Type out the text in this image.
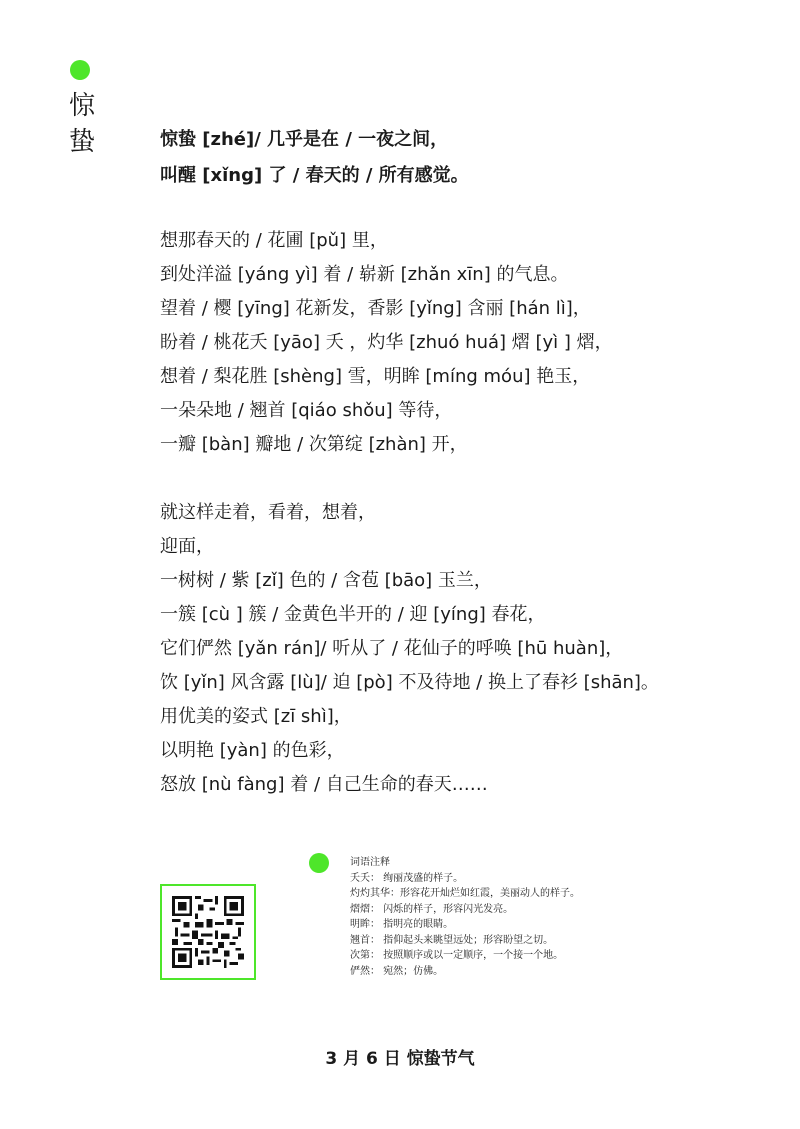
惊
蛰	惊蛰 [zhé]/ 几乎是在 / 一夜之间，
叫醒 [xǐng] 了 / 春天的 / 所有感觉。
想那春天的 / 花圃 [pǔ] 里，
到处洋溢 [yáng yì] 着 / 崭新 [zhǎn xīn] 的气息。
望着 / 樱 [yīng] 花新发，香影 [yǐng] 含丽 [hán lì]，
盼着 / 桃花夭 [yāo] 夭 ，灼华 [zhuó huá] 熠 [yì ] 熠，
想着 / 梨花胜 [shèng] 雪，明眸 [míng móu] 艳玉，
一朵朵地 / 翘首 [qiáo shǒu] 等待，
一瓣 [bàn] 瓣地 / 次第绽 [zhàn] 开，
就这样走着，看着，想着，
迎面，
一树树 / 紫 [zǐ] 色的 / 含苞 [bāo] 玉兰，
一簇 [cù ] 簇 / 金黄色半开的 / 迎 [yíng] 春花，
它们俨然 [yǎn rán]/ 听从了 / 花仙子的呼唤 [hū huàn]，
饮 [yǐn] 风含露 [lù]/ 迫 [pò] 不及待地 / 换上了春衫 [shān]。
用优美的姿式 [zī shì]，
以明艳 [yàn] 的色彩，
怒放 [nù fàng] 着 / 自己生命的春天……
词语注释
夭夭： 绚丽茂盛的样子。
灼灼其华：形容花开灿烂如红霞，美丽动人的样子。
熠熠： 闪烁的样子，形容闪光发亮。
明眸： 指明亮的眼睛。
翘首： 指仰起头来眺望远处；形容盼望之切。
次第： 按照顺序或以一定顺序，一个接一个地。
俨然： 宛然；仿佛。
3 月 6 日 惊蛰节气
